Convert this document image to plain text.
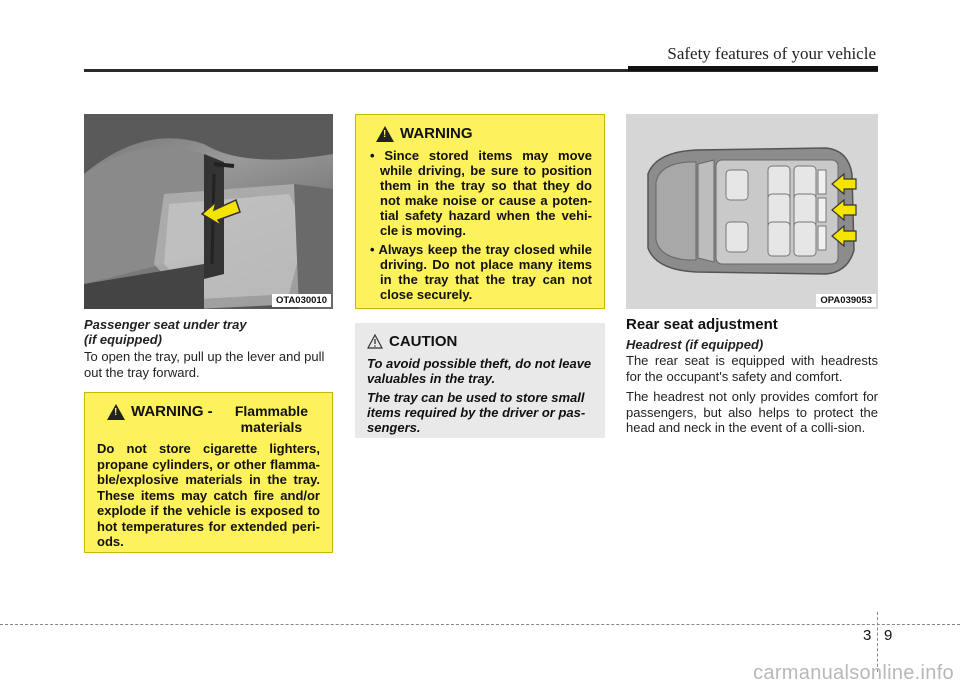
Safety features of your vehicle
OTA030010
Passenger seat under tray
(if equipped)
To open the tray, pull up the lever and pull out the tray forward.
!
WARNING -	Flammable materials
Do not store cigarette lighters, propane cylinders, or other flamma-ble/explosive materials in the tray. These items may catch fire and/or explode if the vehicle is exposed to hot temperatures for extended peri-ods.
!
WARNING
• Since stored items may move while driving, be sure to position them in the tray so that they do not make noise or cause a poten-tial safety hazard when the vehi-cle is moving.
• Always keep the tray closed while driving. Do not place many items in the tray that the tray can not close securely.
CAUTION
To avoid possible theft, do not leave valuables in the tray.
The tray can be used to store small items required by the driver or pas-sengers.
OPA039053
Rear seat adjustment
Headrest (if equipped)
The rear seat is equipped with headrests for the occupant's safety and comfort.
The headrest not only provides comfort for passengers, but also helps to protect the head and neck in the event of a colli-sion.
3 9
carmanualsonline.info
